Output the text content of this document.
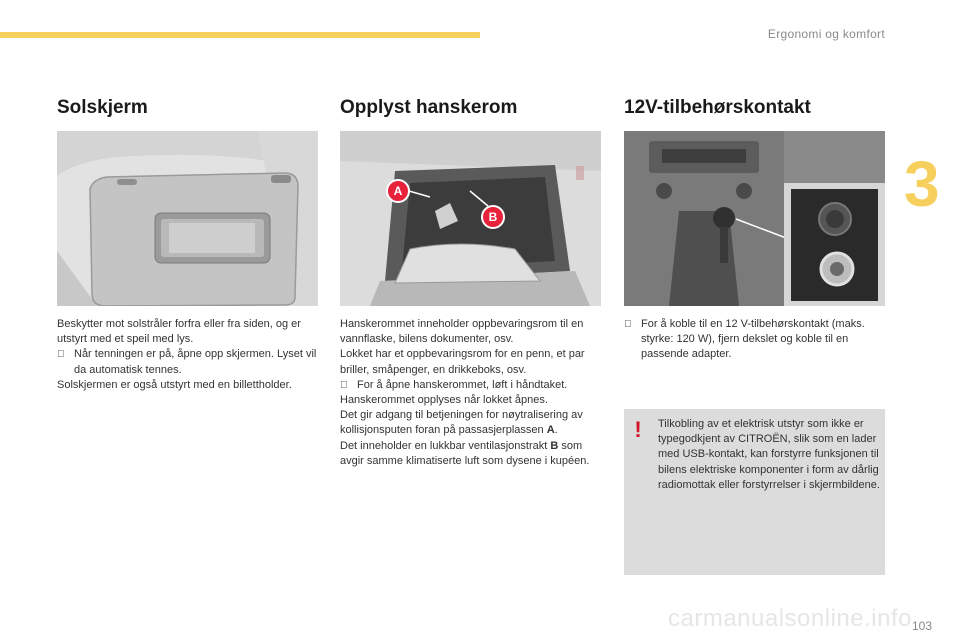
Ergonomi og komfort
3
Solskjerm

Beskytter mot solstråler forfra eller fra siden, og er utstyrt med et speil med lys.

Når tenningen er på, åpne opp skjermen. Lyset vil da automatisk tennes.

Solskjermen er også utstyrt med en billettholder.

Opplyst hanskerom
A
B

Hanskerommet inneholder oppbevaringsrom til en vannflaske, bilens dokumenter, osv.

Lokket har et oppbevaringsrom for en penn, et par briller, småpenger, en drikkeboks, osv.

For å åpne hanskerommet, løft i håndtaket.

Hanskerommet opplyses når lokket åpnes.

Det gir adgang til betjeningen for nøytralisering av kollisjonsputen foran på passasjerplassen A.

Det inneholder en lukkbar ventilasjonstrakt B som avgir samme klimatiserte luft som dysene i kupéen.

12V-tilbehørskontakt
For å koble til en 12 V-tilbehørskontakt (maks. styrke: 120 W), fjern dekslet og koble til en passende adapter.
! Tilkobling av et elektrisk utstyr som ikke er typegodkjent av CITROËN, slik som en lader med USB-kontakt, kan forstyrre funksjonen til bilens elektriske komponenter i form av dårlig radiomottak eller forstyrrelser i skjermbildene.

carmanualsonline.info 103
